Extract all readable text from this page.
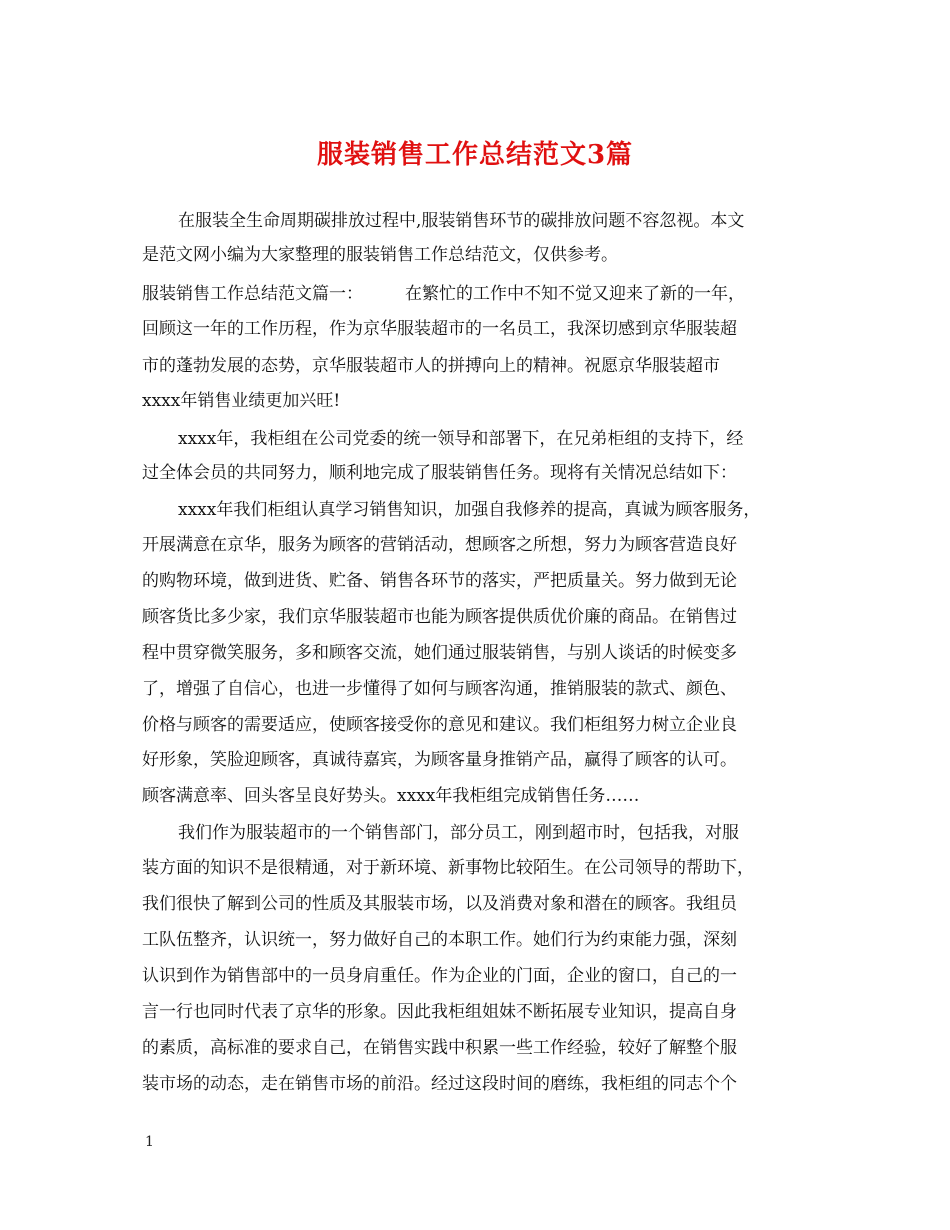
服装销售工作总结范文3篇

在服装全生命周期碳排放过程中,服装销售环节的碳排放问题不容忽视。本文

是范文网小编为大家整理的服装销售工作总结范文，仅供参考。

服装销售工作总结范文篇一： 在繁忙的工作中不知不觉又迎来了新的一年，

回顾这一年的工作历程，作为京华服装超市的一名员工，我深切感到京华服装超

市的蓬勃发展的态势，京华服装超市人的拼搏向上的精神。祝愿京华服装超市

xxxx年销售业绩更加兴旺!

xxxx年，我柜组在公司党委的统一领导和部署下，在兄弟柜组的支持下，经

过全体会员的共同努力，顺利地完成了服装销售任务。现将有关情况总结如下：

xxxx年我们柜组认真学习销售知识，加强自我修养的提高，真诚为顾客服务，

开展满意在京华，服务为顾客的营销活动，想顾客之所想，努力为顾客营造良好

的购物环境，做到进货、贮备、销售各环节的落实，严把质量关。努力做到无论

顾客货比多少家，我们京华服装超市也能为顾客提供质优价廉的商品。在销售过

程中贯穿微笑服务，多和顾客交流，她们通过服装销售，与别人谈话的时候变多

了，增强了自信心，也进一步懂得了如何与顾客沟通，推销服装的款式、颜色、

价格与顾客的需要适应，使顾客接受你的意见和建议。我们柜组努力树立企业良

好形象，笑脸迎顾客，真诚待嘉宾，为顾客量身推销产品，赢得了顾客的认可。

顾客满意率、回头客呈良好势头。xxxx年我柜组完成销售任务……

我们作为服装超市的一个销售部门，部分员工，刚到超市时，包括我，对服

装方面的知识不是很精通，对于新环境、新事物比较陌生。在公司领导的帮助下，

我们很快了解到公司的性质及其服装市场，以及消费对象和潜在的顾客。我组员

工队伍整齐，认识统一，努力做好自己的本职工作。她们行为约束能力强，深刻

认识到作为销售部中的一员身肩重任。作为企业的门面，企业的窗口，自己的一

言一行也同时代表了京华的形象。因此我柜组姐妹不断拓展专业知识，提高自身

的素质，高标准的要求自己，在销售实践中积累一些工作经验，较好了解整个服

装市场的动态，走在销售市场的前沿。经过这段时间的磨练，我柜组的同志个个

1
